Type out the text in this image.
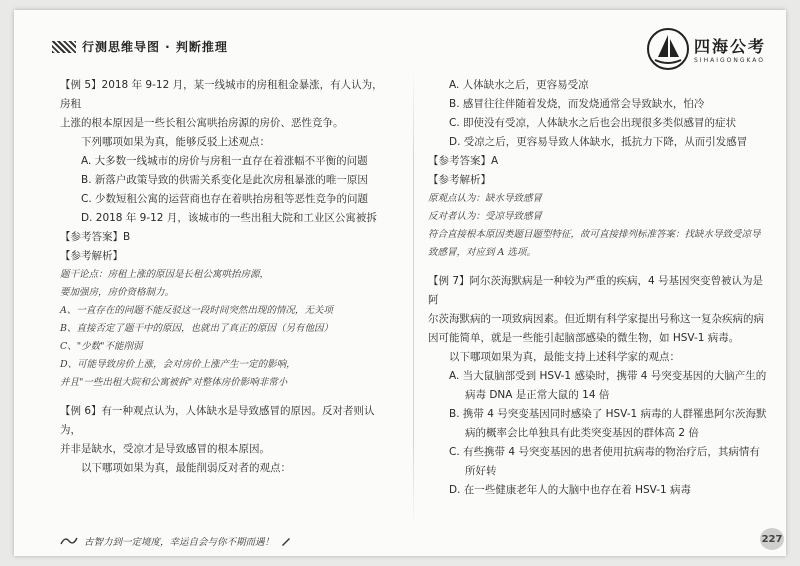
行测思维导图 · 判断推理	四海公考
SIHAIGONGKAO

【例 5】2018 年 9-12 月，某一线城市的房租租金暴涨，有人认为，房租

上涨的根本原因是一些长租公寓哄抬房源的房价、恶性竞争。

下列哪项如果为真，能够反驳上述观点：

A. 大多数一线城市的房价与房租一直存在着涨幅不平衡的问题

B. 新落户政策导致的供需关系变化是此次房租暴涨的唯一原因

C. 少数短租公寓的运营商也存在着哄抬房租等恶性竞争的问题

D. 2018 年 9-12 月，该城市的一些出租大院和工业区公寓被拆

【参考答案】B

【参考解析】

题干论点：房租上涨的原因是长租公寓哄抬房源，

要加强房，房价资格制力。

A、一直存在的问题不能反驳这一段时间突然出现的情况，无关项

B、直接否定了题干中的原因，也就出了真正的原因（另有他因）

C、"少数"不能削弱

D、可能导致房价上涨，会对房价上涨产生一定的影响，

并且"一些出租大院和公寓被拆"对整体房价影响非常小

【例 6】有一种观点认为，人体缺水是导致感冒的原因。反对者则认为，

并非是缺水，受凉才是导致感冒的根本原因。

以下哪项如果为真，最能削弱反对者的观点：

A. 人体缺水之后，更容易受凉

B. 感冒往往伴随着发烧，而发烧通常会导致缺水，怕冷

C. 即使没有受凉，人体缺水之后也会出现很多类似感冒的症状

D. 受凉之后，更容易导致人体缺水，抵抗力下降，从而引发感冒

【参考答案】A

【参考解析】

原观点认为：缺水导致感冒

反对者认为：受凉导致感冒

符合直接根本原因类题目题型特征，故可直接排列标准答案：找缺水导致受凉导

致感冒，对应到 A 选项。

【例 7】阿尔茨海默病是一种较为严重的疾病，4 号基因突变曾被认为是阿

尔茨海默病的一项致病因素。但近期有科学家提出号称这一复杂疾病的病

因可能简单，就是一些能引起脑部感染的微生物，如 HSV-1 病毒。

以下哪项如果为真，最能支持上述科学家的观点：

A. 当大鼠脑部受到 HSV-1 感染时，携带 4 号突变基因的大脑产生的

病毒 DNA 是正常大鼠的 14 倍

B. 携带 4 号突变基因同时感染了 HSV-1 病毒的人群罹患阿尔茨海默

病的概率会比单独具有此类突变基因的群体高 2 倍

C. 有些携带 4 号突变基因的患者使用抗病毒的物治疗后，其病情有

所好转

D. 在一些健康老年人的大脑中也存在着 HSV-1 病毒

古智力到一定境度，幸运自会与你不期而遇！	227
